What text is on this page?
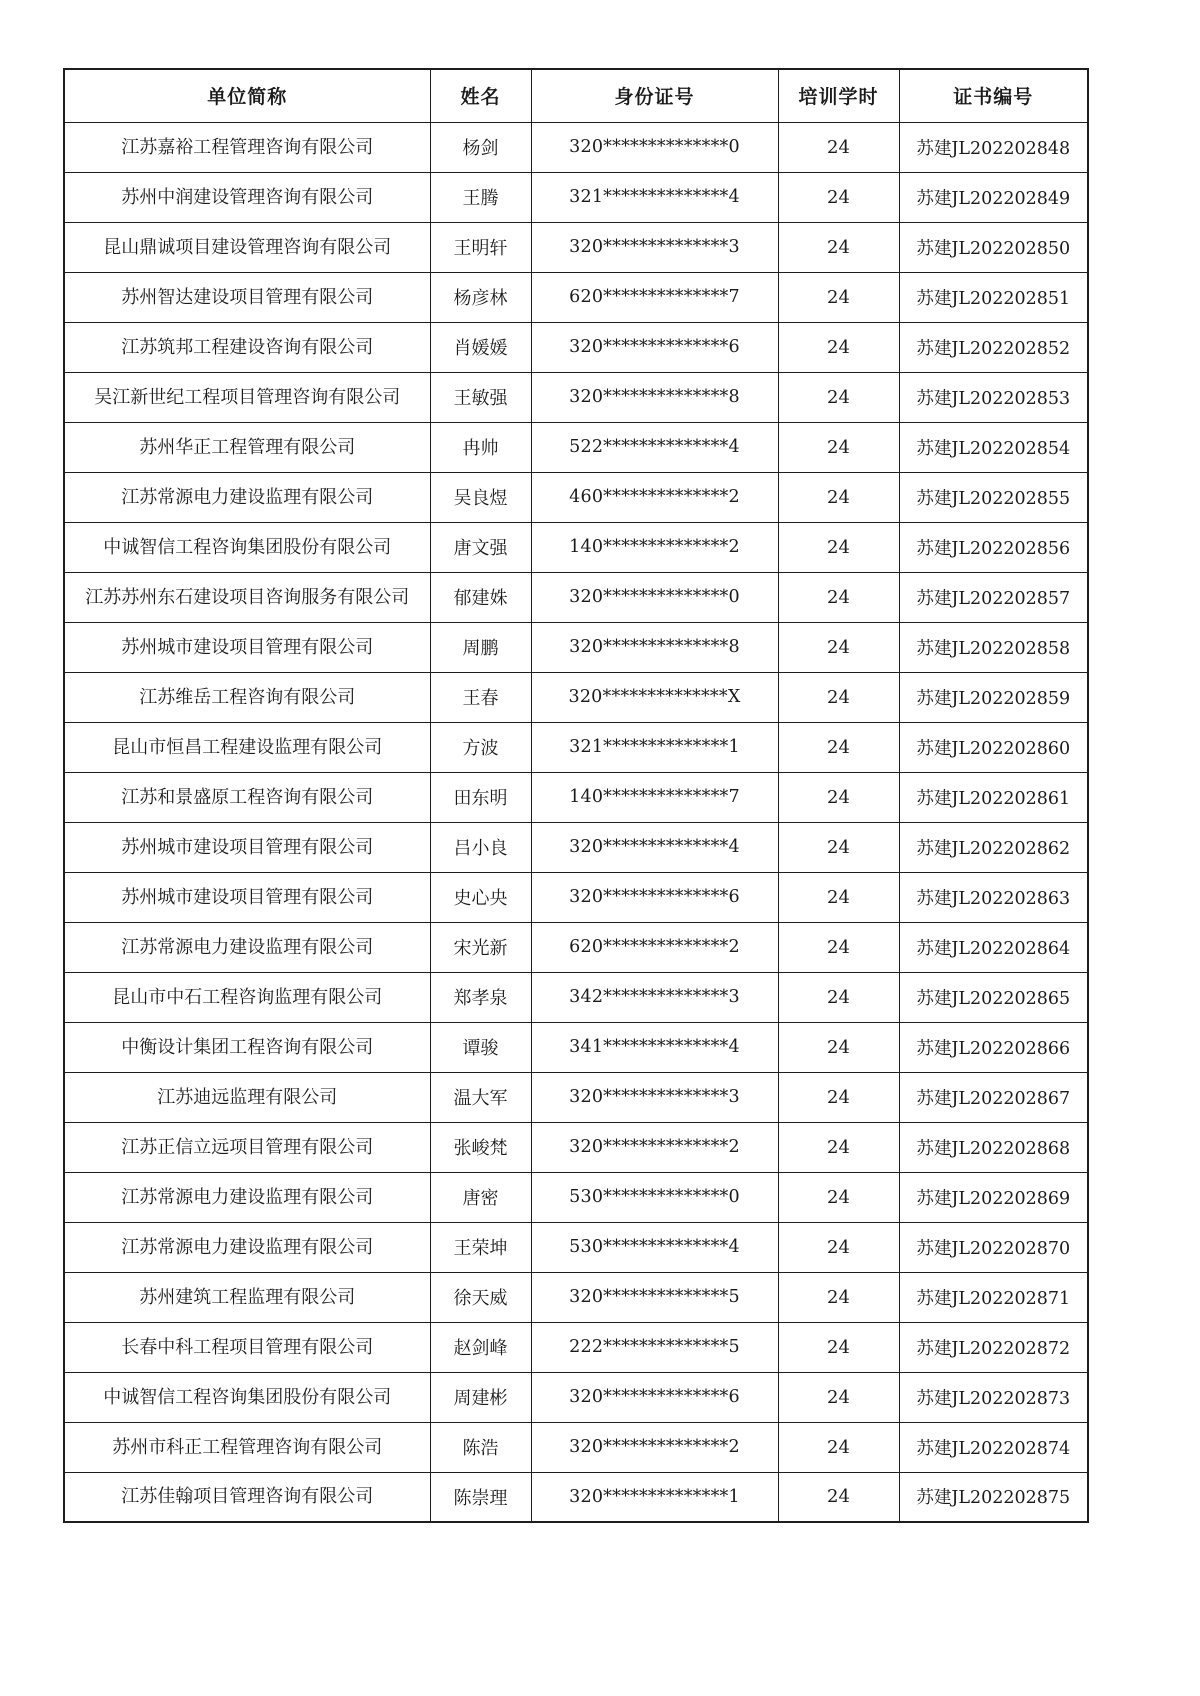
单位简称	姓名	身份证号	培训学时	证书编号
江苏嘉裕工程管理咨询有限公司	杨剑	320**************0	24	苏建JL202202848
苏州中润建设管理咨询有限公司	王腾	321**************4	24	苏建JL202202849
昆山鼎诚项目建设管理咨询有限公司	王明轩	320**************3	24	苏建JL202202850
苏州智达建设项目管理有限公司	杨彦林	620**************7	24	苏建JL202202851
江苏筑邦工程建设咨询有限公司	肖媛媛	320**************6	24	苏建JL202202852
吴江新世纪工程项目管理咨询有限公司	王敏强	320**************8	24	苏建JL202202853
苏州华正工程管理有限公司	冉帅	522**************4	24	苏建JL202202854
江苏常源电力建设监理有限公司	吴良煜	460**************2	24	苏建JL202202855
中诚智信工程咨询集团股份有限公司	唐文强	140**************2	24	苏建JL202202856
江苏苏州东石建设项目咨询服务有限公司	郁建姝	320**************0	24	苏建JL202202857
苏州城市建设项目管理有限公司	周鹏	320**************8	24	苏建JL202202858
江苏维岳工程咨询有限公司	王春	320**************X	24	苏建JL202202859
昆山市恒昌工程建设监理有限公司	方波	321**************1	24	苏建JL202202860
江苏和景盛原工程咨询有限公司	田东明	140**************7	24	苏建JL202202861
苏州城市建设项目管理有限公司	吕小良	320**************4	24	苏建JL202202862
苏州城市建设项目管理有限公司	史心央	320**************6	24	苏建JL202202863
江苏常源电力建设监理有限公司	宋光新	620**************2	24	苏建JL202202864
昆山市中石工程咨询监理有限公司	郑孝泉	342**************3	24	苏建JL202202865
中衡设计集团工程咨询有限公司	谭骏	341**************4	24	苏建JL202202866
江苏迪远监理有限公司	温大军	320**************3	24	苏建JL202202867
江苏正信立远项目管理有限公司	张峻梵	320**************2	24	苏建JL202202868
江苏常源电力建设监理有限公司	唐密	530**************0	24	苏建JL202202869
江苏常源电力建设监理有限公司	王荣坤	530**************4	24	苏建JL202202870
苏州建筑工程监理有限公司	徐天威	320**************5	24	苏建JL202202871
长春中科工程项目管理有限公司	赵剑峰	222**************5	24	苏建JL202202872
中诚智信工程咨询集团股份有限公司	周建彬	320**************6	24	苏建JL202202873
苏州市科正工程管理咨询有限公司	陈浩	320**************2	24	苏建JL202202874
江苏佳翰项目管理咨询有限公司	陈崇理	320**************1	24	苏建JL202202875
